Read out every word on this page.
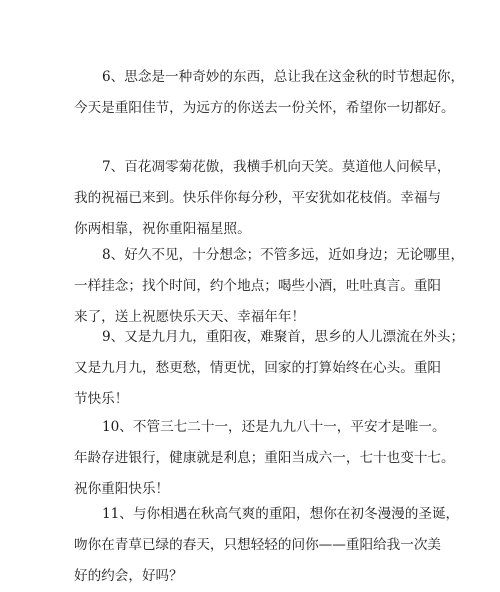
6、思念是一种奇妙的东西，总让我在这金秋的时节想起你，
今天是重阳佳节，为远方的你送去一份关怀，希望你一切都好。

7、百花凋零菊花傲，我横手机向天笑。莫道他人问候早，
我的祝福已来到。快乐伴你每分秒，平安犹如花枝俏。幸福与
你两相靠，祝你重阳福星照。

8、好久不见，十分想念；不管多远，近如身边；无论哪里，
一样挂念；找个时间，约个地点；喝些小酒，吐吐真言。重阳
来了，送上祝愿快乐天天、幸福年年！

9、又是九月九，重阳夜，难聚首，思乡的人儿漂流在外头；
又是九月九，愁更愁，情更忧，回家的打算始终在心头。重阳
节快乐！

10、不管三七二十一，还是九九八十一，平安才是唯一。
年龄存进银行，健康就是利息；重阳当成六一，七十也变十七。
祝你重阳快乐！

11、与你相遇在秋高气爽的重阳，想你在初冬漫漫的圣诞，
吻你在青草已绿的春天，只想轻轻的问你——重阳给我一次美
好的约会，好吗？
